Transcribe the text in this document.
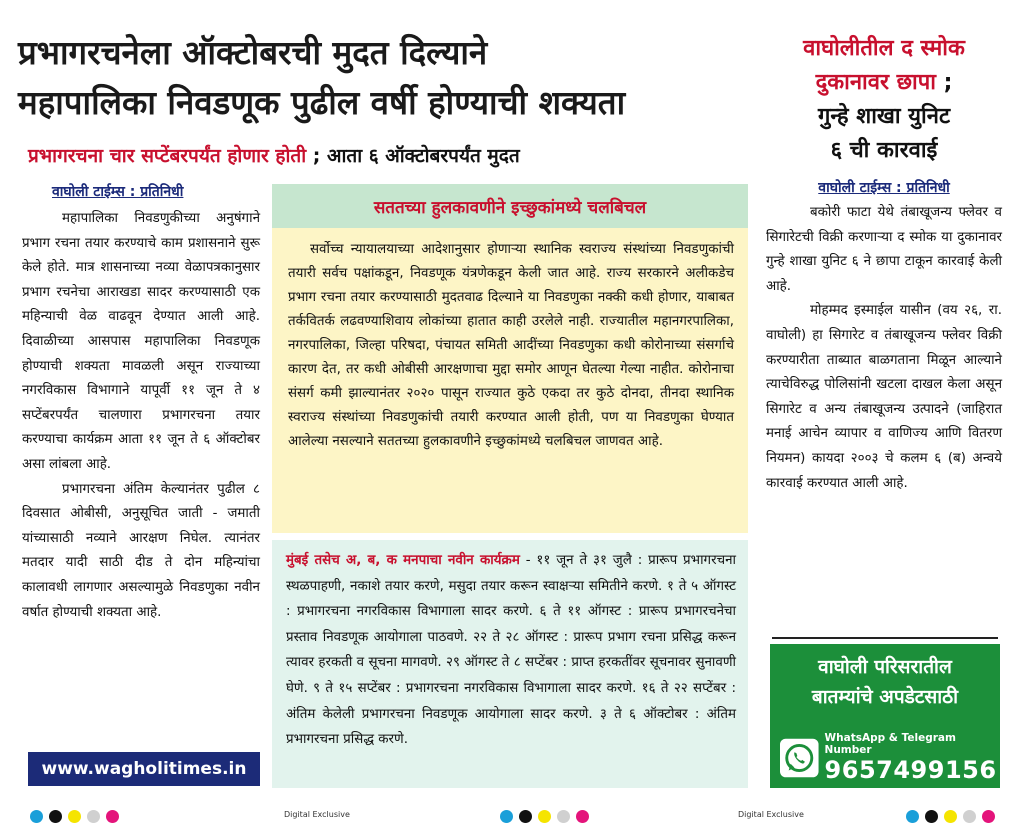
प्रभागरचनेला ऑक्टोबरची मुदत दिल्याने
महापालिका निवडणूक पुढील वर्षी होण्याची शक्यता
प्रभागरचना चार सप्टेंबरपर्यंत होणार होती ; आता ६ ऑक्टोबरपर्यंत मुदत
वाघोली टाईम्स : प्रतिनिधी

महापालिका निवडणुकीच्या अनुषंगाने प्रभाग रचना तयार करण्याचे काम प्रशासनाने सुरू केले होते. मात्र शासनाच्या नव्या वेळापत्रकानुसार प्रभाग रचनेचा आराखडा सादर करण्यासाठी एक महिन्याची वेळ वाढवून देण्यात आली आहे. दिवाळीच्या आसपास महापालिका निवडणूक होण्याची शक्यता मावळली असून राज्याच्या नगरविकास विभागाने यापूर्वी ११ जून ते ४ सप्टेंबरपर्यंत चालणारा प्रभागरचना तयार करण्याचा कार्यक्रम आता ११ जून ते ६ ऑक्टोबर असा लांबला आहे.

प्रभागरचना अंतिम केल्यानंतर पुढील ८ दिवसात ओबीसी, अनुसूचित जाती - जमाती यांच्यासाठी नव्याने आरक्षण निघेल. त्यानंतर मतदार यादी साठी दीड ते दोन महिन्यांचा कालावधी लागणार असल्यामुळे निवडणुका नवीन वर्षात होण्याची शक्यता आहे.

www.wagholitimes.in
सततच्या हुलकावणीने इच्छुकांमध्ये चलबिचल

सर्वोच्च न्यायालयाच्या आदेशानुसार होणाऱ्या स्थानिक स्वराज्य संस्थांच्या निवडणुकांची तयारी सर्वच पक्षांकडून, निवडणूक यंत्रणेकडून केली जात आहे. राज्य सरकारने अलीकडेच प्रभाग रचना तयार करण्यासाठी मुदतवाढ दिल्याने या निवडणुका नक्की कधी होणार, याबाबत तर्कवितर्क लढवण्याशिवाय लोकांच्या हातात काही उरलेले नाही. राज्यातील महानगरपालिका, नगरपालिका, जिल्हा परिषदा, पंचायत समिती आदींच्या निवडणुका कधी कोरोनाच्या संसर्गाचे कारण देत, तर कधी ओबीसी आरक्षणाचा मुद्दा समोर आणून घेतल्या गेल्या नाहीत. कोरोनाचा संसर्ग कमी झाल्यानंतर २०२० पासून राज्यात कुठे एकदा तर कुठे दोनदा, तीनदा स्थानिक स्वराज्य संस्थांच्या निवडणुकांची तयारी करण्यात आली होती, पण या निवडणुका घेण्यात आलेल्या नसल्याने सततच्या हुलकावणीने इच्छुकांमध्ये चलबिचल जाणवत आहे.

मुंबई तसेच अ, ब, क मनपाचा नवीन कार्यक्रम - ११ जून ते ३१ जुलै : प्रारूप प्रभागरचना स्थळपाहणी, नकाशे तयार करणे, मसुदा तयार करून स्वाक्षऱ्या समितीने करणे. १ ते ५ ऑगस्ट : प्रभागरचना नगरविकास विभागाला सादर करणे. ६ ते ११ ऑगस्ट : प्रारूप प्रभागरचनेचा प्रस्ताव निवडणूक आयोगाला पाठवणे. २२ ते २८ ऑगस्ट : प्रारूप प्रभाग रचना प्रसिद्ध करून त्यावर हरकती व सूचना मागवणे. २९ ऑगस्ट ते ८ सप्टेंबर : प्राप्त हरकतींवर सूचनावर सुनावणी घेणे. ९ ते १५ सप्टेंबर : प्रभागरचना नगरविकास विभागाला सादर करणे. १६ ते २२ सप्टेंबर : अंतिम केलेली प्रभागरचना निवडणूक आयोगाला सादर करणे. ३ ते ६ ऑक्टोबर : अंतिम प्रभागरचना प्रसिद्ध करणे.
वाघोलीतील द स्मोक
दुकानावर छापा ;
गुन्हे शाखा युनिट
६ ची कारवाई
वाघोली टाईम्स : प्रतिनिधी

बकोरी फाटा येथे तंबाखूजन्य फ्लेवर व सिगारेटची विक्री करणाऱ्या द स्मोक या दुकानावर गुन्हे शाखा युनिट ६ ने छापा टाकून कारवाई केली आहे.

मोहम्मद इस्माईल यासीन (वय २६, रा. वाघोली) हा सिगारेट व तंबाखूजन्य फ्लेवर विक्री करण्यारीता ताब्यात बाळगताना मिळून आल्याने त्याचेविरुद्ध पोलिसांनी खटला दाखल केला असून सिगारेट व अन्य तंबाखूजन्य उत्पादने (जाहिरात मनाई आचेन व्यापार व वाणिज्य आणि वितरण नियमन) कायदा २००३ चे कलम ६ (ब) अन्वये कारवाई करण्यात आली आहे.

वाघोली परिसरातील
बातम्यांचे अपडेटसाठी
WhatsApp & Telegram Number
9657499156
Digital Exclusive	Digital Exclusive
